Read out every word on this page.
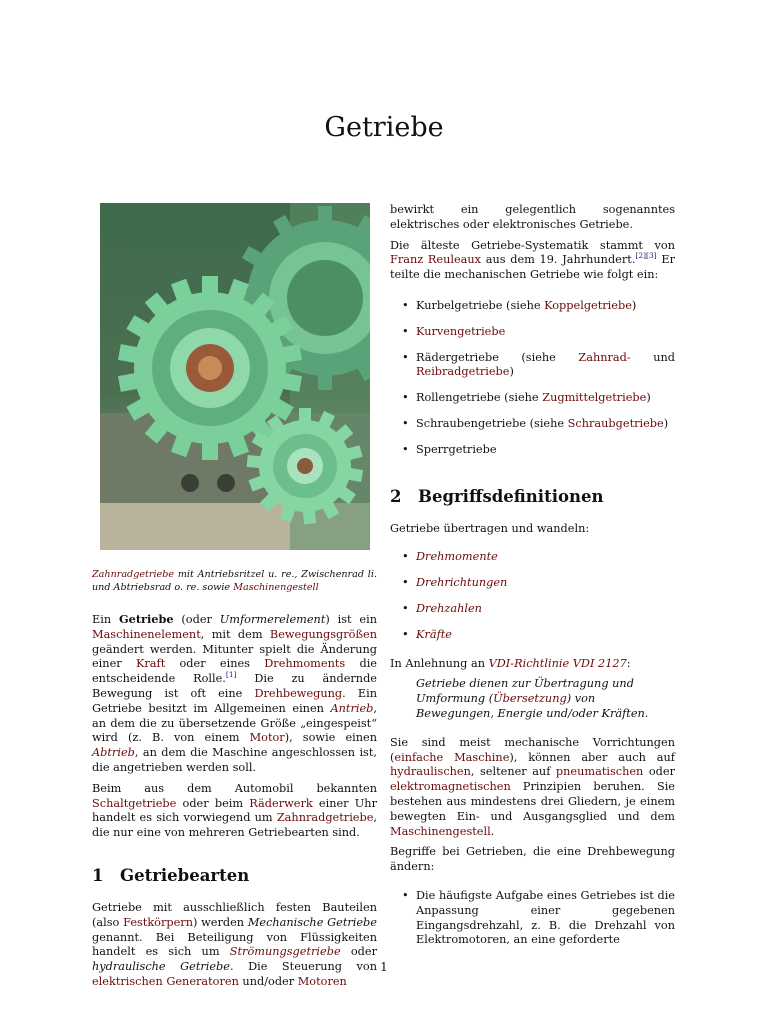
Getriebe
Zahnradgetriebe mit Antriebsritzel u. re., Zwischenrad li. und Abtriebsrad o. re. sowie Maschinengestell

Ein Getriebe (oder Umformerelement) ist ein Maschinenelement, mit dem Bewegungsgrößen geändert werden. Mitunter spielt die Änderung einer Kraft oder eines Drehmoments die entscheidende Rolle.[1] Die zu ändernde Bewegung ist oft eine Drehbewegung. Ein Getriebe besitzt im Allgemeinen einen Antrieb, an dem die zu übersetzende Größe „eingespeist“ wird (z. B. von einem Motor), sowie einen Abtrieb, an dem die Maschine angeschlossen ist, die angetrieben werden soll.

Beim aus dem Automobil bekannten Schaltgetriebe oder beim Räderwerk einer Uhr handelt es sich vorwiegend um Zahnradgetriebe, die nur eine von mehreren Getriebearten sind.

1 Getriebearten

Getriebe mit ausschließlich festen Bauteilen (also Festkörpern) werden Mechanische Getriebe genannt. Bei Beteiligung von Flüssigkeiten handelt es sich um Strömungsgetriebe oder hydraulische Getriebe. Die Steuerung von elektrischen Generatoren und/oder Motoren

bewirkt ein gelegentlich sogenanntes elektrisches oder elektronisches Getriebe.

Die älteste Getriebe-Systematik stammt von Franz Reuleaux aus dem 19. Jahrhundert.[2][3] Er teilte die mechanischen Getriebe wie folgt ein:

• Kurbelgetriebe (siehe Koppelgetriebe)
• Kurvengetriebe
• Rädergetriebe (siehe Zahnrad- und Reibradgetriebe)
• Rollengetriebe (siehe Zugmittelgetriebe)
• Schraubengetriebe (siehe Schraubgetriebe)
• Sperrgetriebe
2 Begriffsdefinitionen

Getriebe übertragen und wandeln:

• Drehmomente
• Drehrichtungen
• Drehzahlen
• Kräfte

In Anlehnung an VDI-Richtlinie VDI 2127:

Getriebe dienen zur Übertragung und Umformung (Übersetzung) von Bewegungen, Energie und/oder Kräften.

Sie sind meist mechanische Vorrichtungen (einfache Maschine), können aber auch auf hydraulischen, seltener auf pneumatischen oder elektromagnetischen Prinzipien beruhen. Sie bestehen aus mindestens drei Gliedern, je einem bewegten Ein- und Ausgangsglied und dem Maschinengestell.

Begriffe bei Getrieben, die eine Drehbewegung ändern:

• Die häufigste Aufgabe eines Getriebes ist die Anpassung einer gegebenen Eingangsdrehzahl, z. B. die Drehzahl von Elektromotoren, an eine geforderte
1
